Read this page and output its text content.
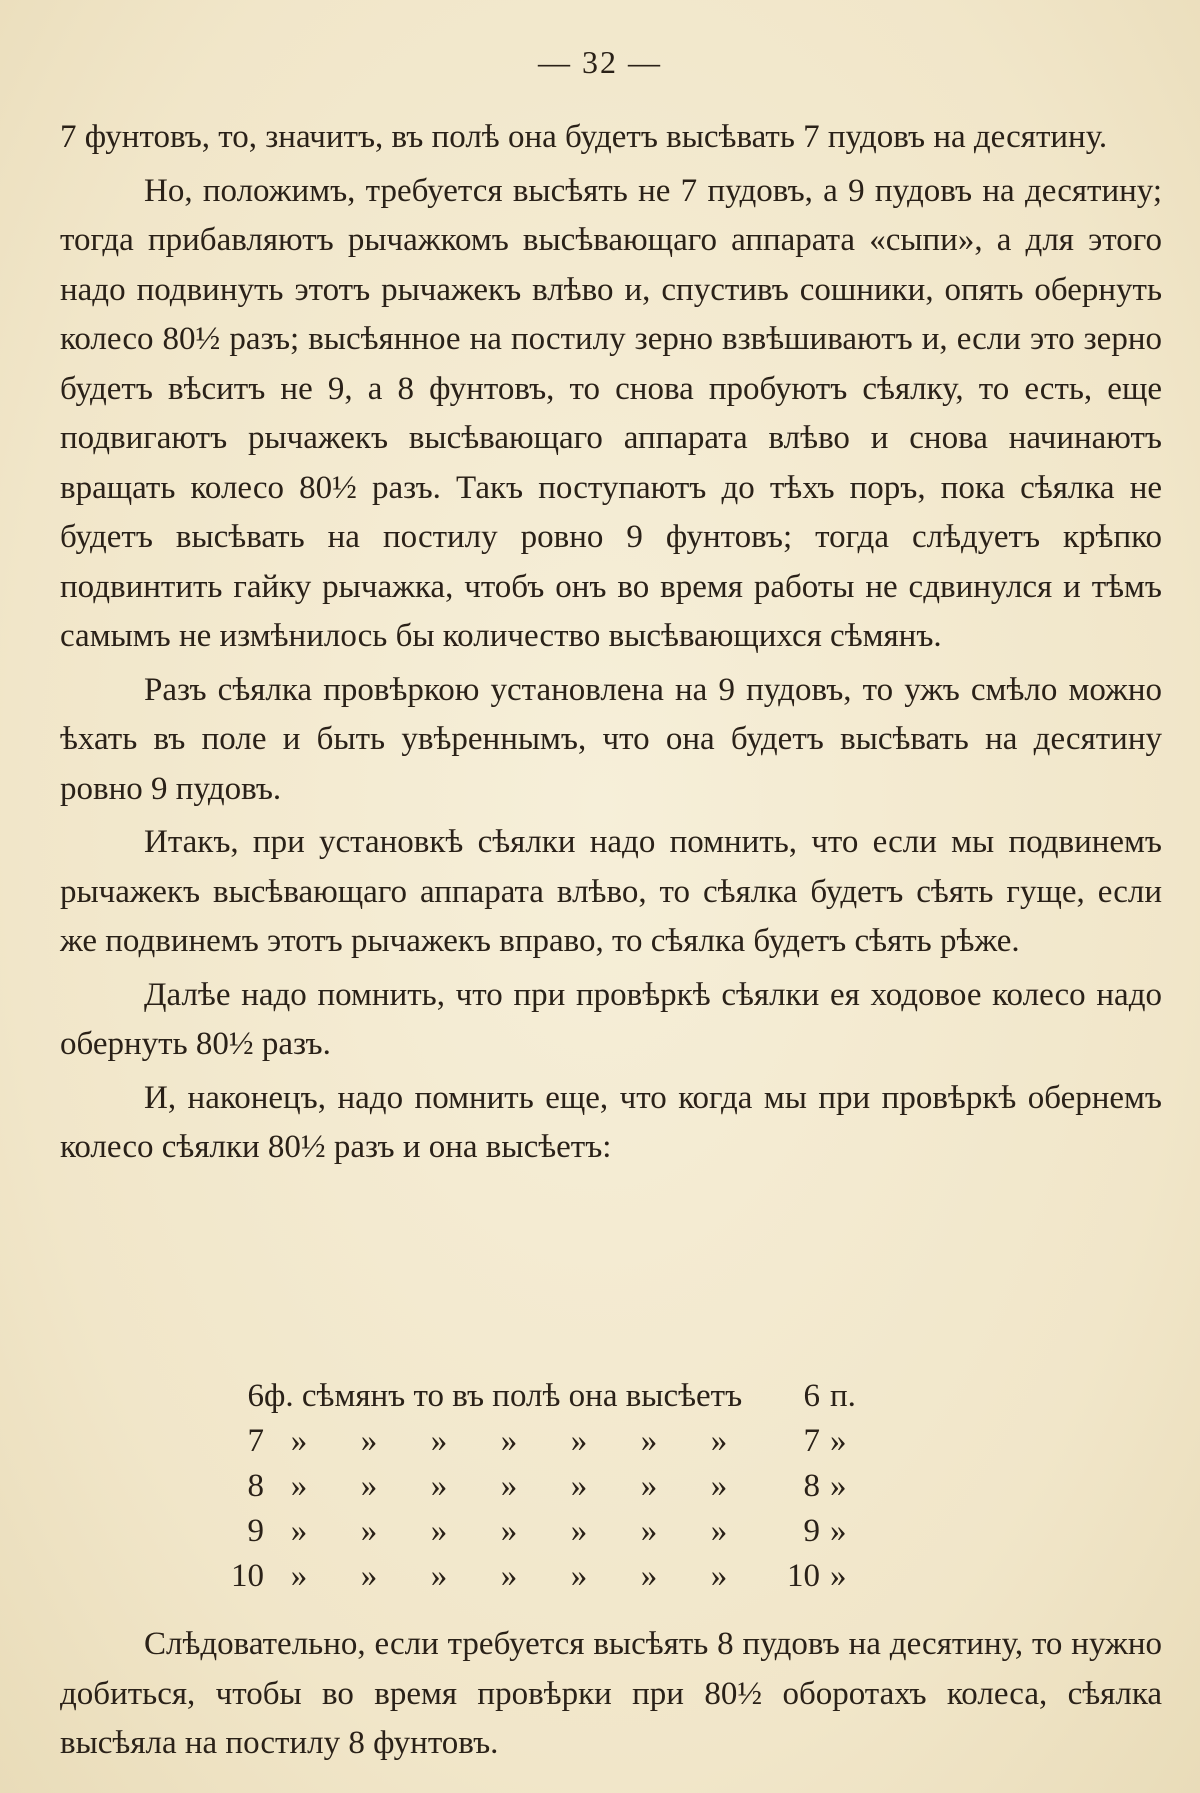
— 32 —

7 фунтовъ, то, значитъ, въ полѣ она будетъ высѣвать 7 пудовъ на десятину.

Но, положимъ, требуется высѣять не 7 пудовъ, а 9 пудовъ на десятину; тогда прибавляютъ рычажкомъ высѣвающаго аппарата «сыпи», а для этого надо подвинуть этотъ рычажекъ влѣво и, спустивъ сошники, опять обернуть колесо 80½ разъ; высѣянное на постилу зерно взвѣшиваютъ и, если это зерно будетъ вѣситъ не 9, а 8 фунтовъ, то снова пробуютъ сѣялку, то есть, еще подвигаютъ рычажекъ высѣвающаго аппарата влѣво и снова начинаютъ вращать колесо 80½ разъ. Такъ поступаютъ до тѣхъ поръ, пока сѣялка не будетъ высѣвать на постилу ровно 9 фунтовъ; тогда слѣдуетъ крѣпко подвинтить гайку рычажка, чтобъ онъ во время работы не сдвинулся и тѣмъ самымъ не измѣнилось бы количество высѣвающихся сѣмянъ.

Разъ сѣялка провѣркою установлена на 9 пудовъ, то ужъ смѣло можно ѣхать въ поле и быть увѣреннымъ, что она будетъ высѣвать на десятину ровно 9 пудовъ.

Итакъ, при установкѣ сѣялки надо помнить, что если мы подвинемъ рычажекъ высѣвающаго аппарата влѣво, то сѣялка будетъ сѣять гуще, если же подвинемъ этотъ рычажекъ вправо, то сѣялка будетъ сѣять рѣже.

Далѣе надо помнить, что при провѣркѣ сѣялки ея ходовое колесо надо обернуть 80½ разъ.

И, наконецъ, надо помнить еще, что когда мы при провѣркѣ обернемъ колесо сѣялки 80½ разъ и она высѣетъ:

6	ф. сѣмянъ то въ полѣ она высѣетъ							6	п.
7	»	»	»	»	»	»	»	7	»
8	»	»	»	»	»	»	»	8	»
9	»	»	»	»	»	»	»	9	»
10	»	»	»	»	»	»	»	10	»

Слѣдовательно, если требуется высѣять 8 пудовъ на десятину, то нужно добиться, чтобы во время провѣрки при 80½ оборотахъ колеса, сѣялка высѣяла на постилу 8 фунтовъ.
